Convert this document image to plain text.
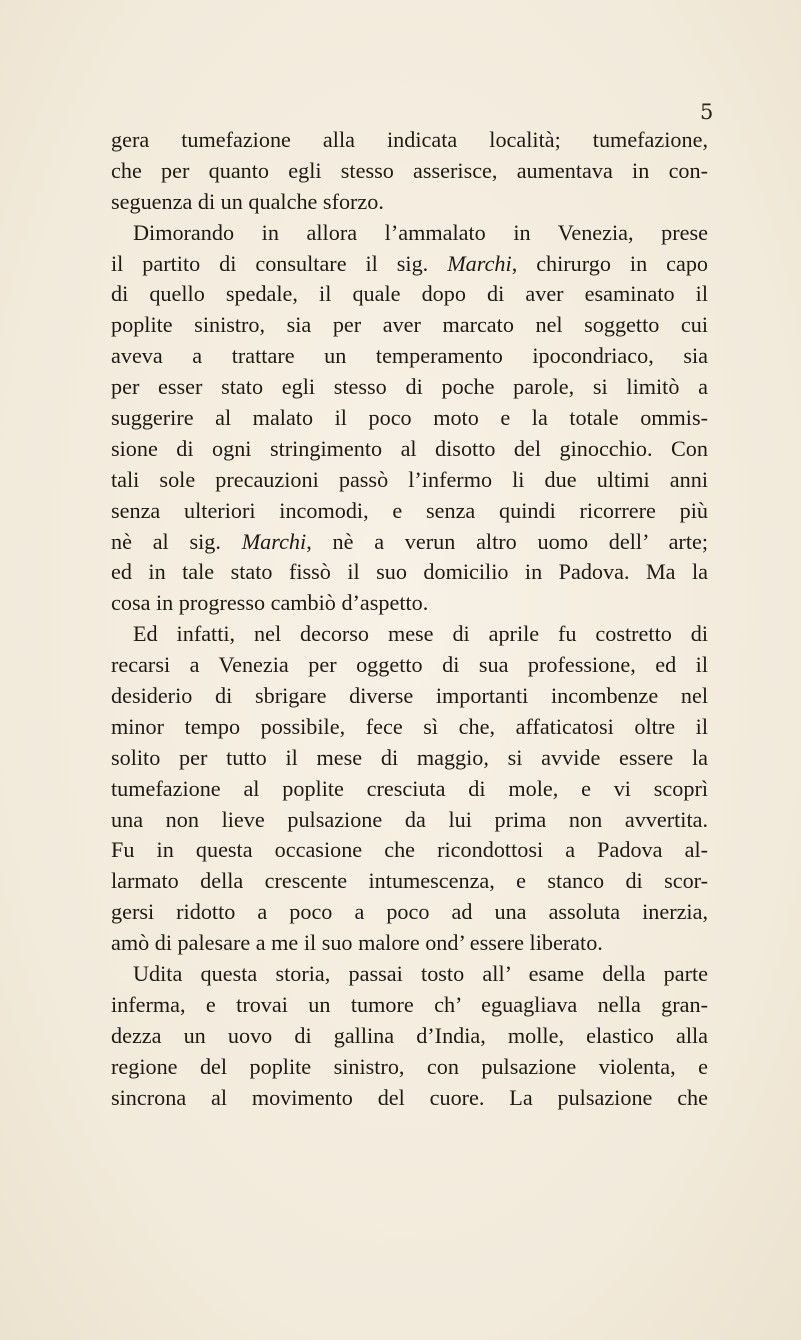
5
gera tumefazione alla indicata località; tumefazione,
che per quanto egli stesso asserisce, aumentava in con-
seguenza di un qualche sforzo.
Dimorando in allora l’ammalato in Venezia, prese
il partito di consultare il sig. Marchi, chirurgo in capo
di quello spedale, il quale dopo di aver esaminato il
poplite sinistro, sia per aver marcato nel soggetto cui
aveva a trattare un temperamento ipocondriaco, sia
per esser stato egli stesso di poche parole, si limitò a
suggerire al malato il poco moto e la totale ommis-
sione di ogni stringimento al disotto del ginocchio. Con
tali sole precauzioni passò l’infermo li due ultimi anni
senza ulteriori incomodi, e senza quindi ricorrere più
nè al sig. Marchi, nè a verun altro uomo dell’ arte;
ed in tale stato fissò il suo domicilio in Padova. Ma la
cosa in progresso cambiò d’aspetto.
Ed infatti, nel decorso mese di aprile fu costretto di
recarsi a Venezia per oggetto di sua professione, ed il
desiderio di sbrigare diverse importanti incombenze nel
minor tempo possibile, fece sì che, affaticatosi oltre il
solito per tutto il mese di maggio, si avvide essere la
tumefazione al poplite cresciuta di mole, e vi scoprì
una non lieve pulsazione da lui prima non avvertita.
Fu in questa occasione che ricondottosi a Padova al-
larmato della crescente intumescenza, e stanco di scor-
gersi ridotto a poco a poco ad una assoluta inerzia,
amò di palesare a me il suo malore ond’ essere liberato.
Udita questa storia, passai tosto all’ esame della parte
inferma, e trovai un tumore ch’ eguagliava nella gran-
dezza un uovo di gallina d’India, molle, elastico alla
regione del poplite sinistro, con pulsazione violenta, e
sincrona al movimento del cuore. La pulsazione che
